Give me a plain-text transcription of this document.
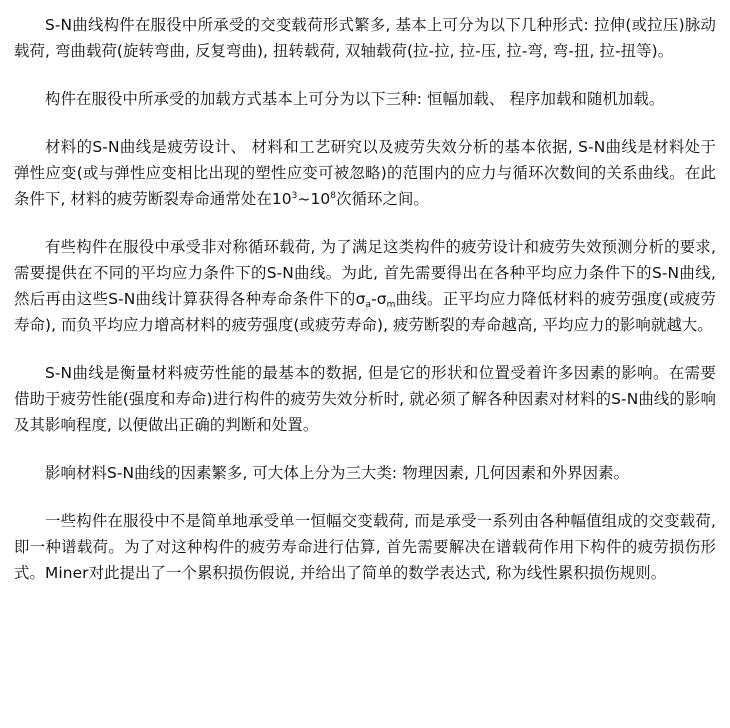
S-N曲线构件在服役中所承受的交变载荷形式繁多, 基本上可分为以下几种形式: 拉伸(或拉压)脉动载荷, 弯曲载荷(旋转弯曲, 反复弯曲), 扭转载荷, 双轴载荷(拉-拉, 拉-压, 拉-弯, 弯-扭, 拉-扭等)。

构件在服役中所承受的加载方式基本上可分为以下三种: 恒幅加载、 程序加载和随机加载。

材料的S-N曲线是疲劳设计、 材料和工艺研究以及疲劳失效分析的基本依据, S-N曲线是材料处于弹性应变(或与弹性应变相比出现的塑性应变可被忽略)的范围内的应力与循环次数间的关系曲线。在此条件下, 材料的疲劳断裂寿命通常处在$10^3\sim 10^8$次循环之间。

有些构件在服役中承受非对称循环载荷, 为了满足这类构件的疲劳设计和疲劳失效预测分析的要求, 需要提供在不同的平均应力条件下的S-N曲线。为此, 首先需要得出在各种平均应力条件下的S-N曲线, 然后再由这些S-N曲线计算获得各种寿命条件下的$\sigma_a-\sigma_m$曲线。正平均应力降低材料的疲劳强度(或疲劳寿命), 而负平均应力增高材料的疲劳强度(或疲劳寿命), 疲劳断裂的寿命越高, 平均应力的影响就越大。

S-N曲线是衡量材料疲劳性能的最基本的数据, 但是它的形状和位置受着许多因素的影响。在需要借助于疲劳性能(强度和寿命)进行构件的疲劳失效分析时, 就必须了解各种因素对材料的S-N曲线的影响及其影响程度, 以便做出正确的判断和处置。

影响材料S-N曲线的因素繁多, 可大体上分为三大类: 物理因素, 几何因素和外界因素。

一些构件在服役中不是简单地承受单一恒幅交变载荷, 而是承受一系列由各种幅值组成的交变载荷, 即一种谱载荷。为了对这种构件的疲劳寿命进行估算, 首先需要解决在谱载荷作用下构件的疲劳损伤形式。Miner对此提出了一个累积损伤假说, 并给出了简单的数学表达式, 称为线性累积损伤规则。
